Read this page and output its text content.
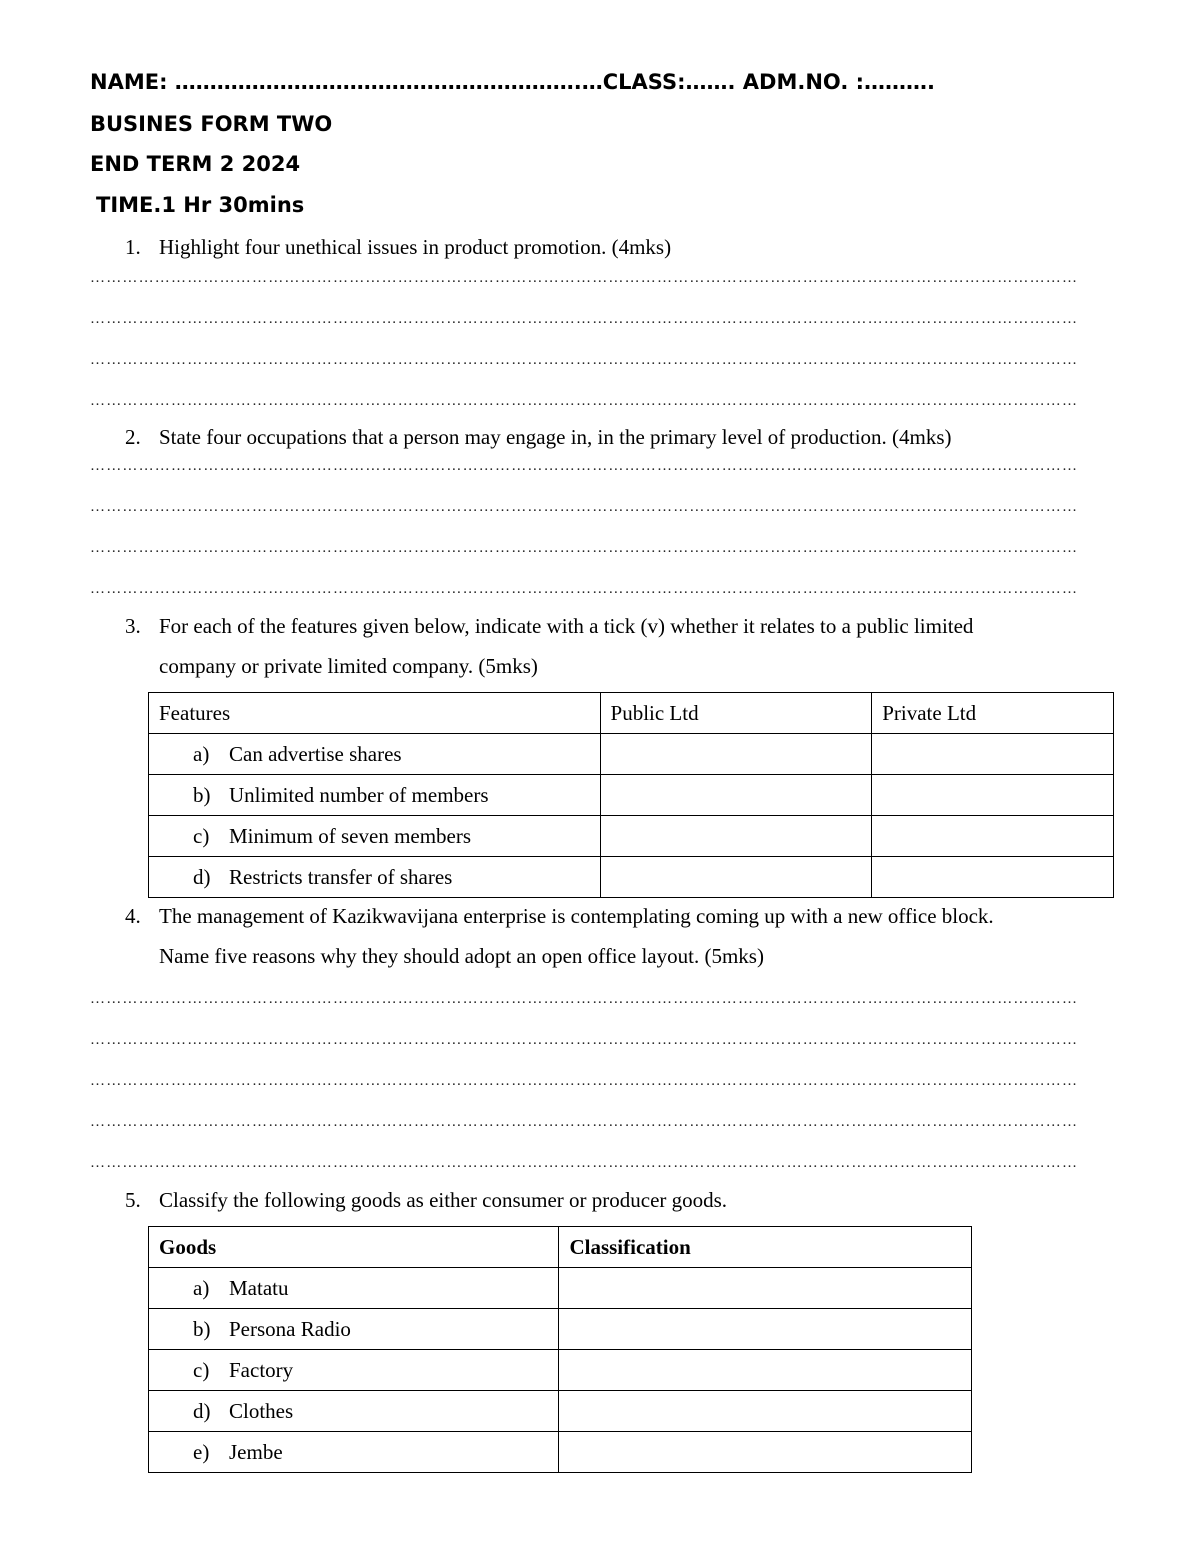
NAME: ………………………………………………….…CLASS:……. ADM.NO. :……….
BUSINES FORM TWO
END TERM 2 2024
TIME.1 Hr 30mins
1. Highlight four unethical issues in product promotion. (4mks)
…………………………………………………………………………………………………………………………………………………………………
…………………………………………………………………………………………………………………………………………………………………
…………………………………………………………………………………………………………………………………………………………………
…………………………………………………………………………………………………………………………………………………………………
2. State four occupations that a person may engage in, in the primary level of production. (4mks)
…………………………………………………………………………………………………………………………………………………………………
…………………………………………………………………………………………………………………………………………………………………
…………………………………………………………………………………………………………………………………………………………………
…………………………………………………………………………………………………………………………………………………………………
3. For each of the features given below, indicate with a tick (v) whether it relates to a public limited
company or private limited company. (5mks)
Features	Public Ltd	Private Ltd
a) Can advertise shares		
b) Unlimited number of members		
c) Minimum of seven members		
d) Restricts transfer of shares		
4. The management of Kazikwavijana enterprise is contemplating coming up with a new office block.
Name five reasons why they should adopt an open office layout. (5mks)
…………………………………………………………………………………………………………………………………………………………………
…………………………………………………………………………………………………………………………………………………………………
…………………………………………………………………………………………………………………………………………………………………
…………………………………………………………………………………………………………………………………………………………………
…………………………………………………………………………………………………………………………………………………………………
5. Classify the following goods as either consumer or producer goods.
Goods	Classification
a) Matatu	
b) Persona Radio	
c) Factory	
d) Clothes	
e) Jembe	
